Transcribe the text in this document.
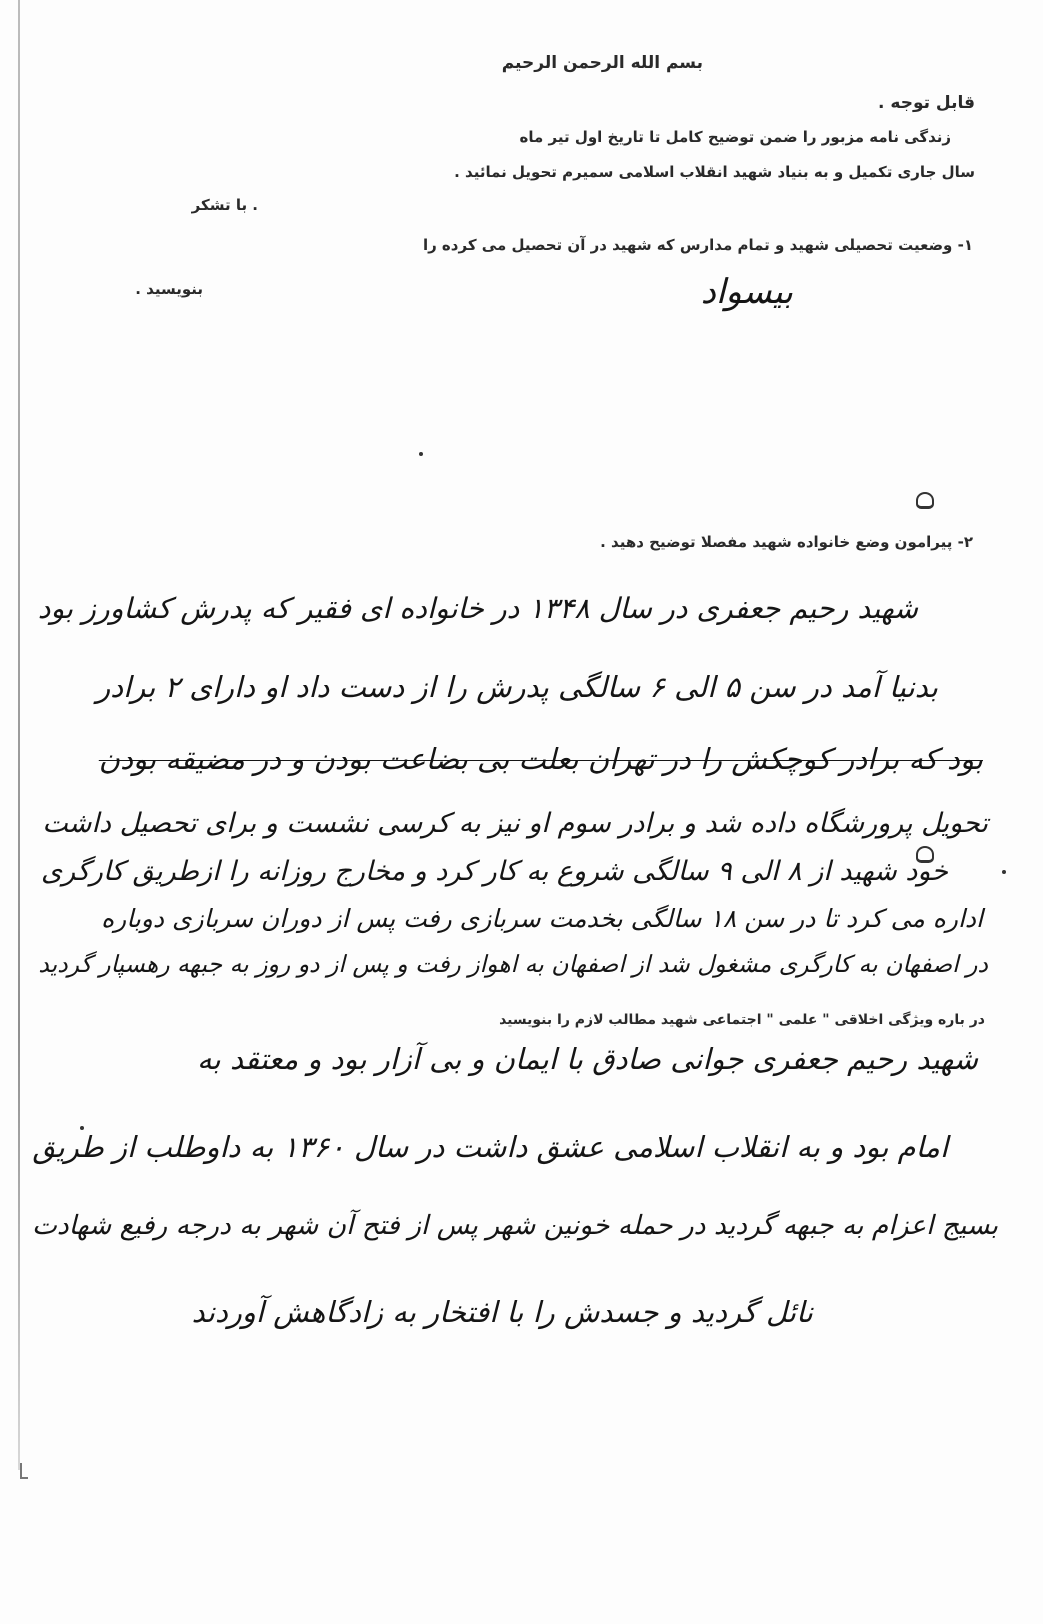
بسم الله الرحمن الرحیم

قابل توجه .

زندگی نامه مزبور را ضمن توضیح کامل تا تاریخ اول تیر ماه

سال جاری تکمیل و به بنیاد شهید انقلاب اسلامی سمیرم تحویل نمائید .

. با تشکر

۱- وضعیت تحصیلی شهید و تمام مدارس که شهید در آن تحصیل می کرده را

بنویسید .	بیسواد

۲- پیرامون وضع خانواده شهید مفصلا توضیح دهید .

شهید رحیم جعفری در سال ۱۳۴۸ در خانواده ای فقیر که پدرش کشاورز بود

بدنیا آمد در سن ۵ الی ۶ سالگی پدرش را از دست داد او دارای ۲ برادر

بود که برادر کوچکش را در تهران بعلت بی بضاعت بودن و در مضیقه بودن

تحویل پرورشگاه داده شد و برادر سوم او نیز به کرسی نشست و برای تحصیل داشت

خود شهید از ۸ الی ۹ سالگی شروع به کار کرد و مخارج روزانه را ازطریق کارگری

اداره می کرد تا در سن ۱۸ سالگی بخدمت سربازی رفت پس از دوران سربازی دوباره

در اصفهان به کارگری مشغول شد از اصفهان به اهواز رفت و پس از دو روز به جبهه رهسپار گردید

در باره ویژگی اخلاقی " علمی " اجتماعی شهید مطالب لازم را بنویسید

شهید رحیم جعفری جوانی صادق با ایمان و بی آزار بود و معتقد به

امام بود و به انقلاب اسلامی عشق داشت در سال ۱۳۶۰ به داوطلب از طریق

بسیج اعزام به جبهه گردید در حمله خونین شهر پس از فتح آن شهر به درجه رفیع شهادت

نائل گردید و جسدش را با افتخار به زادگاهش آوردند
